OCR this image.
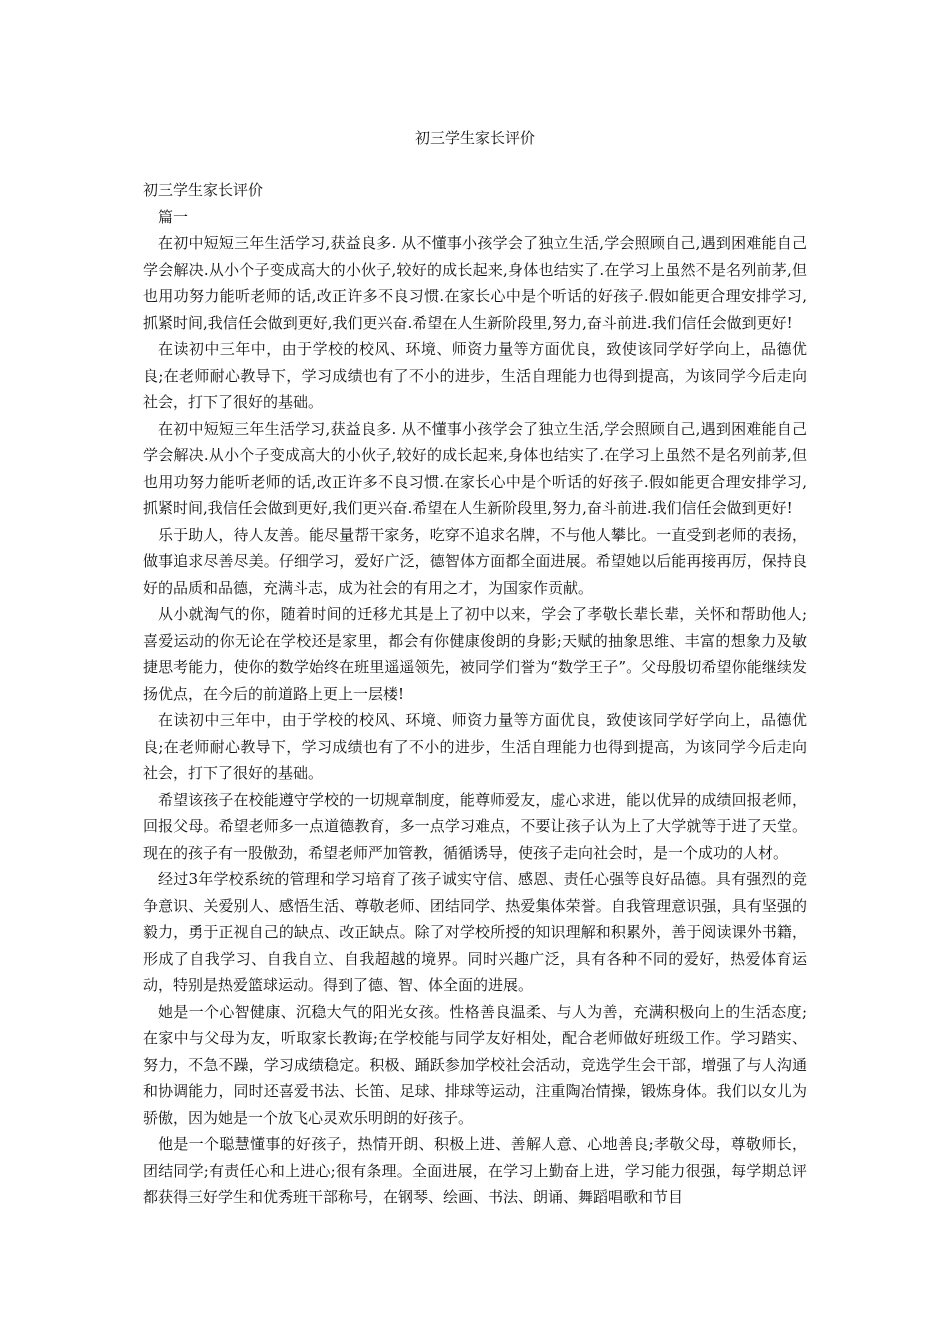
初三学生家长评价

初三学生家长评价

篇一

在初中短短三年生活学习,获益良多. 从不懂事小孩学会了独立生活,学会照顾自己,遇到困难能自己学会解决.从小个子变成高大的小伙子,较好的成长起来,身体也结实了.在学习上虽然不是名列前茅,但也用功努力能听老师的话,改正许多不良习惯.在家长心中是个听话的好孩子.假如能更合理安排学习,抓紧时间,我信任会做到更好,我们更兴奋.希望在人生新阶段里,努力,奋斗前进.我们信任会做到更好!

在读初中三年中，由于学校的校风、环境、师资力量等方面优良，致使该同学好学向上，品德优良;在老师耐心教导下，学习成绩也有了不小的进步，生活自理能力也得到提高，为该同学今后走向社会，打下了很好的基础。

在初中短短三年生活学习,获益良多. 从不懂事小孩学会了独立生活,学会照顾自己,遇到困难能自己学会解决.从小个子变成高大的小伙子,较好的成长起来,身体也结实了.在学习上虽然不是名列前茅,但也用功努力能听老师的话,改正许多不良习惯.在家长心中是个听话的好孩子.假如能更合理安排学习,抓紧时间,我信任会做到更好,我们更兴奋.希望在人生新阶段里,努力,奋斗前进.我们信任会做到更好!

乐于助人，待人友善。能尽量帮干家务，吃穿不追求名牌，不与他人攀比。一直受到老师的表扬，做事追求尽善尽美。仔细学习，爱好广泛，德智体方面都全面进展。希望她以后能再接再厉，保持良好的品质和品德，充满斗志，成为社会的有用之才，为国家作贡献。

从小就淘气的你，随着时间的迁移尤其是上了初中以来，学会了孝敬长辈长辈，关怀和帮助他人;喜爱运动的你无论在学校还是家里，都会有你健康俊朗的身影;天赋的抽象思维、丰富的想象力及敏捷思考能力，使你的数学始终在班里遥遥领先，被同学们誉为“数学王子”。父母殷切希望你能继续发扬优点，在今后的前道路上更上一层楼!

在读初中三年中，由于学校的校风、环境、师资力量等方面优良，致使该同学好学向上，品德优良;在老师耐心教导下，学习成绩也有了不小的进步，生活自理能力也得到提高，为该同学今后走向社会，打下了很好的基础。

希望该孩子在校能遵守学校的一切规章制度，能尊师爱友，虚心求进，能以优异的成绩回报老师，回报父母。希望老师多一点道德教育，多一点学习难点，不要让孩子认为上了大学就等于进了天堂。现在的孩子有一股傲劲，希望老师严加管教，循循诱导，使孩子走向社会时，是一个成功的人材。

经过3年学校系统的管理和学习培育了孩子诚实守信、感恩、责任心强等良好品德。具有强烈的竞争意识、关爱别人、感悟生活、尊敬老师、团结同学、热爱集体荣誉。自我管理意识强，具有坚强的毅力，勇于正视自己的缺点、改正缺点。除了对学校所授的知识理解和积累外，善于阅读课外书籍，形成了自我学习、自我自立、自我超越的境界。同时兴趣广泛，具有各种不同的爱好，热爱体育运动，特别是热爱篮球运动。得到了德、智、体全面的进展。

她是一个心智健康、沉稳大气的阳光女孩。性格善良温柔、与人为善，充满积极向上的生活态度;在家中与父母为友，听取家长教诲;在学校能与同学友好相处，配合老师做好班级工作。学习踏实、努力，不急不躁，学习成绩稳定。积极、踊跃参加学校社会活动，竞选学生会干部，增强了与人沟通和协调能力，同时还喜爱书法、长笛、足球、排球等运动，注重陶冶情操，锻炼身体。我们以女儿为骄傲，因为她是一个放飞心灵欢乐明朗的好孩子。

他是一个聪慧懂事的好孩子，热情开朗、积极上进、善解人意、心地善良;孝敬父母，尊敬师长，团结同学;有责任心和上进心;很有条理。全面进展，在学习上勤奋上进，学习能力很强，每学期总评都获得三好学生和优秀班干部称号，在钢琴、绘画、书法、朗诵、舞蹈唱歌和节目
